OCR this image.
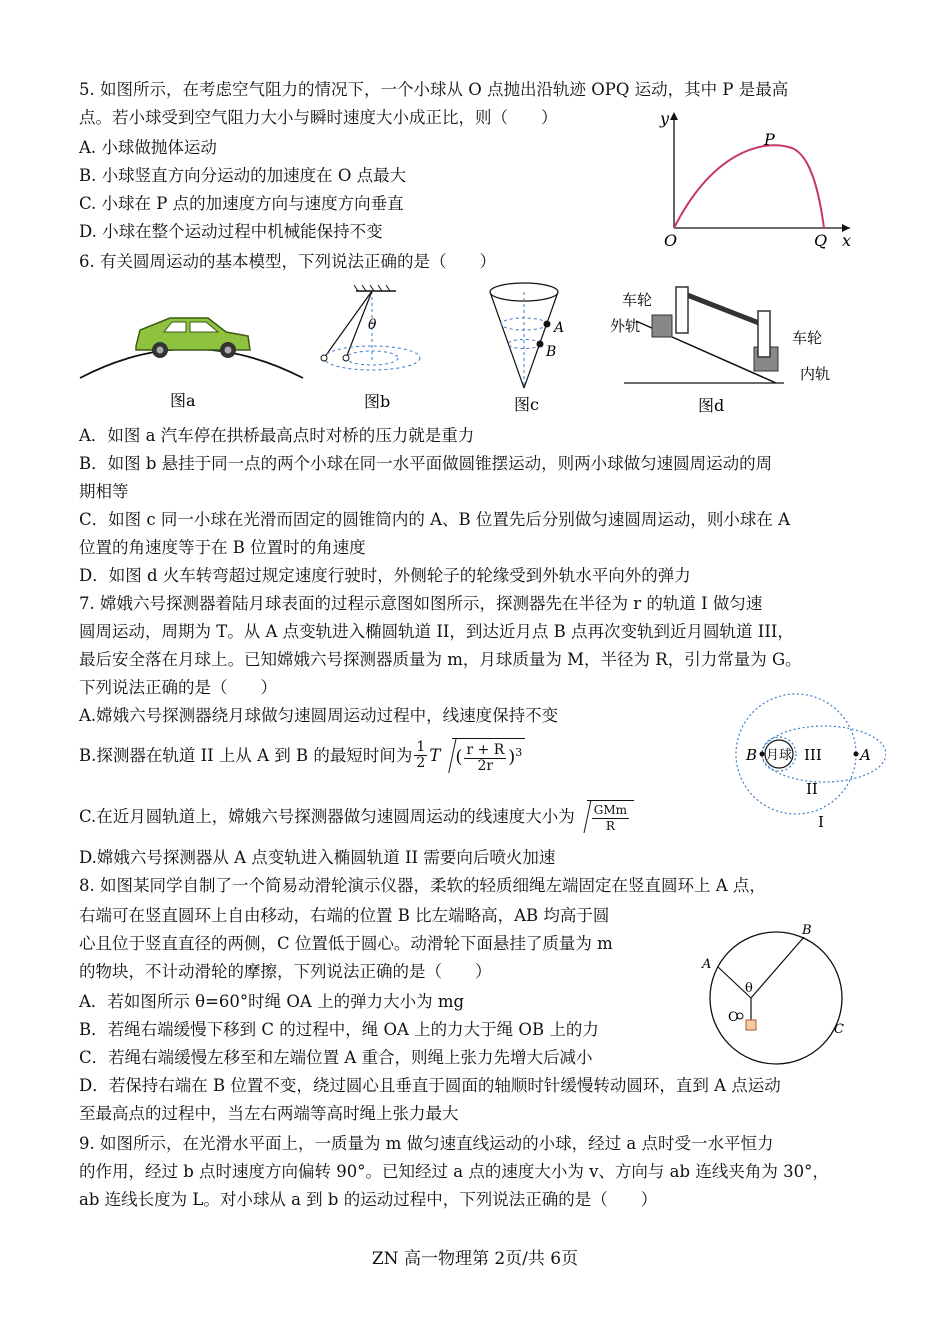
5. 如图所示，在考虑空气阻力的情况下，一个小球从 O 点抛出沿轨迹 OPQ 运动，其中 P 是最高
点。若小球受到空气阻力大小与瞬时速度大小成正比，则（　　）
A. 小球做抛体运动
B. 小球竖直方向分运动的加速度在 O 点最大
C. 小球在 P 点的加速度方向与速度方向垂直
D. 小球在整个运动过程中机械能保持不变
y
x
O
P
Q
6. 有关圆周运动的基本模型，下列说法正确的是（　　）
图a
θ
图b
A
B
图c
车轮
外轨
车轮
内轨
图d
A．如图 a 汽车停在拱桥最高点时对桥的压力就是重力
B．如图 b 悬挂于同一点的两个小球在同一水平面做圆锥摆运动，则两小球做匀速圆周运动的周
期相等
C．如图 c 同一小球在光滑而固定的圆锥筒内的 A、B 位置先后分别做匀速圆周运动，则小球在 A
位置的角速度等于在 B 位置时的角速度
D．如图 d 火车转弯超过规定速度行驶时，外侧轮子的轮缘受到外轨水平向外的弹力
7. 嫦娥六号探测器着陆月球表面的过程示意图如图所示，探测器先在半径为 r 的轨道 I 做匀速
圆周运动，周期为 T。从 A 点变轨进入椭圆轨道 II，到达近月点 B 点再次变轨到近月圆轨道 III，
最后安全落在月球上。已知嫦娥六号探测器质量为 m，月球质量为 M，半径为 R，引力常量为 G。
下列说法正确的是（　　）
A.嫦娥六号探测器绕月球做匀速圆周运动过程中，线速度保持不变
B.探测器在轨道 II 上从 A 到 B 的最短时间为 $\frac{1}{2}$ T ( $\frac{r + R}{2r} )^3$
C.在近月圆轨道上，嫦娥六号探测器做匀速圆周运动的线速度大小为 $\frac{\text{GMm}}{R}$
D.嫦娥六号探测器从 A 点变轨进入椭圆轨道 II 需要向后喷火加速
月球
B	A
III
II
I
8. 如图某同学自制了一个简易动滑轮演示仪器，柔软的轻质细绳左端固定在竖直圆环上 A 点，
右端可在竖直圆环上自由移动，右端的位置 B 比左端略高，AB 均高于圆
心且位于竖直直径的两侧，C 位置低于圆心。动滑轮下面悬挂了质量为 m
的物块，不计动滑轮的摩擦，下列说法正确的是（　　）
A．若如图所示 θ=60°时绳 OA 上的弹力大小为 mg
B．若绳右端缓慢下移到 C 的过程中，绳 OA 上的力大于绳 OB 上的力
C．若绳右端缓慢左移至和左端位置 A 重合，则绳上张力先增大后减小
D．若保持右端在 B 位置不变，绕过圆心且垂直于圆面的轴顺时针缓慢转动圆环，直到 A 点运动
至最高点的过程中，当左右两端等高时绳上张力最大
A
B
C
O
θ
9. 如图所示，在光滑水平面上，一质量为 m 做匀速直线运动的小球，经过 a 点时受一水平恒力
的作用，经过 b 点时速度方向偏转 90°。已知经过 a 点的速度大小为 v、方向与 ab 连线夹角为 30°，
ab 连线长度为 L。对小球从 a 到 b 的运动过程中，下列说法正确的是（　　）
ZN 高一物理第 2页/共 6页
